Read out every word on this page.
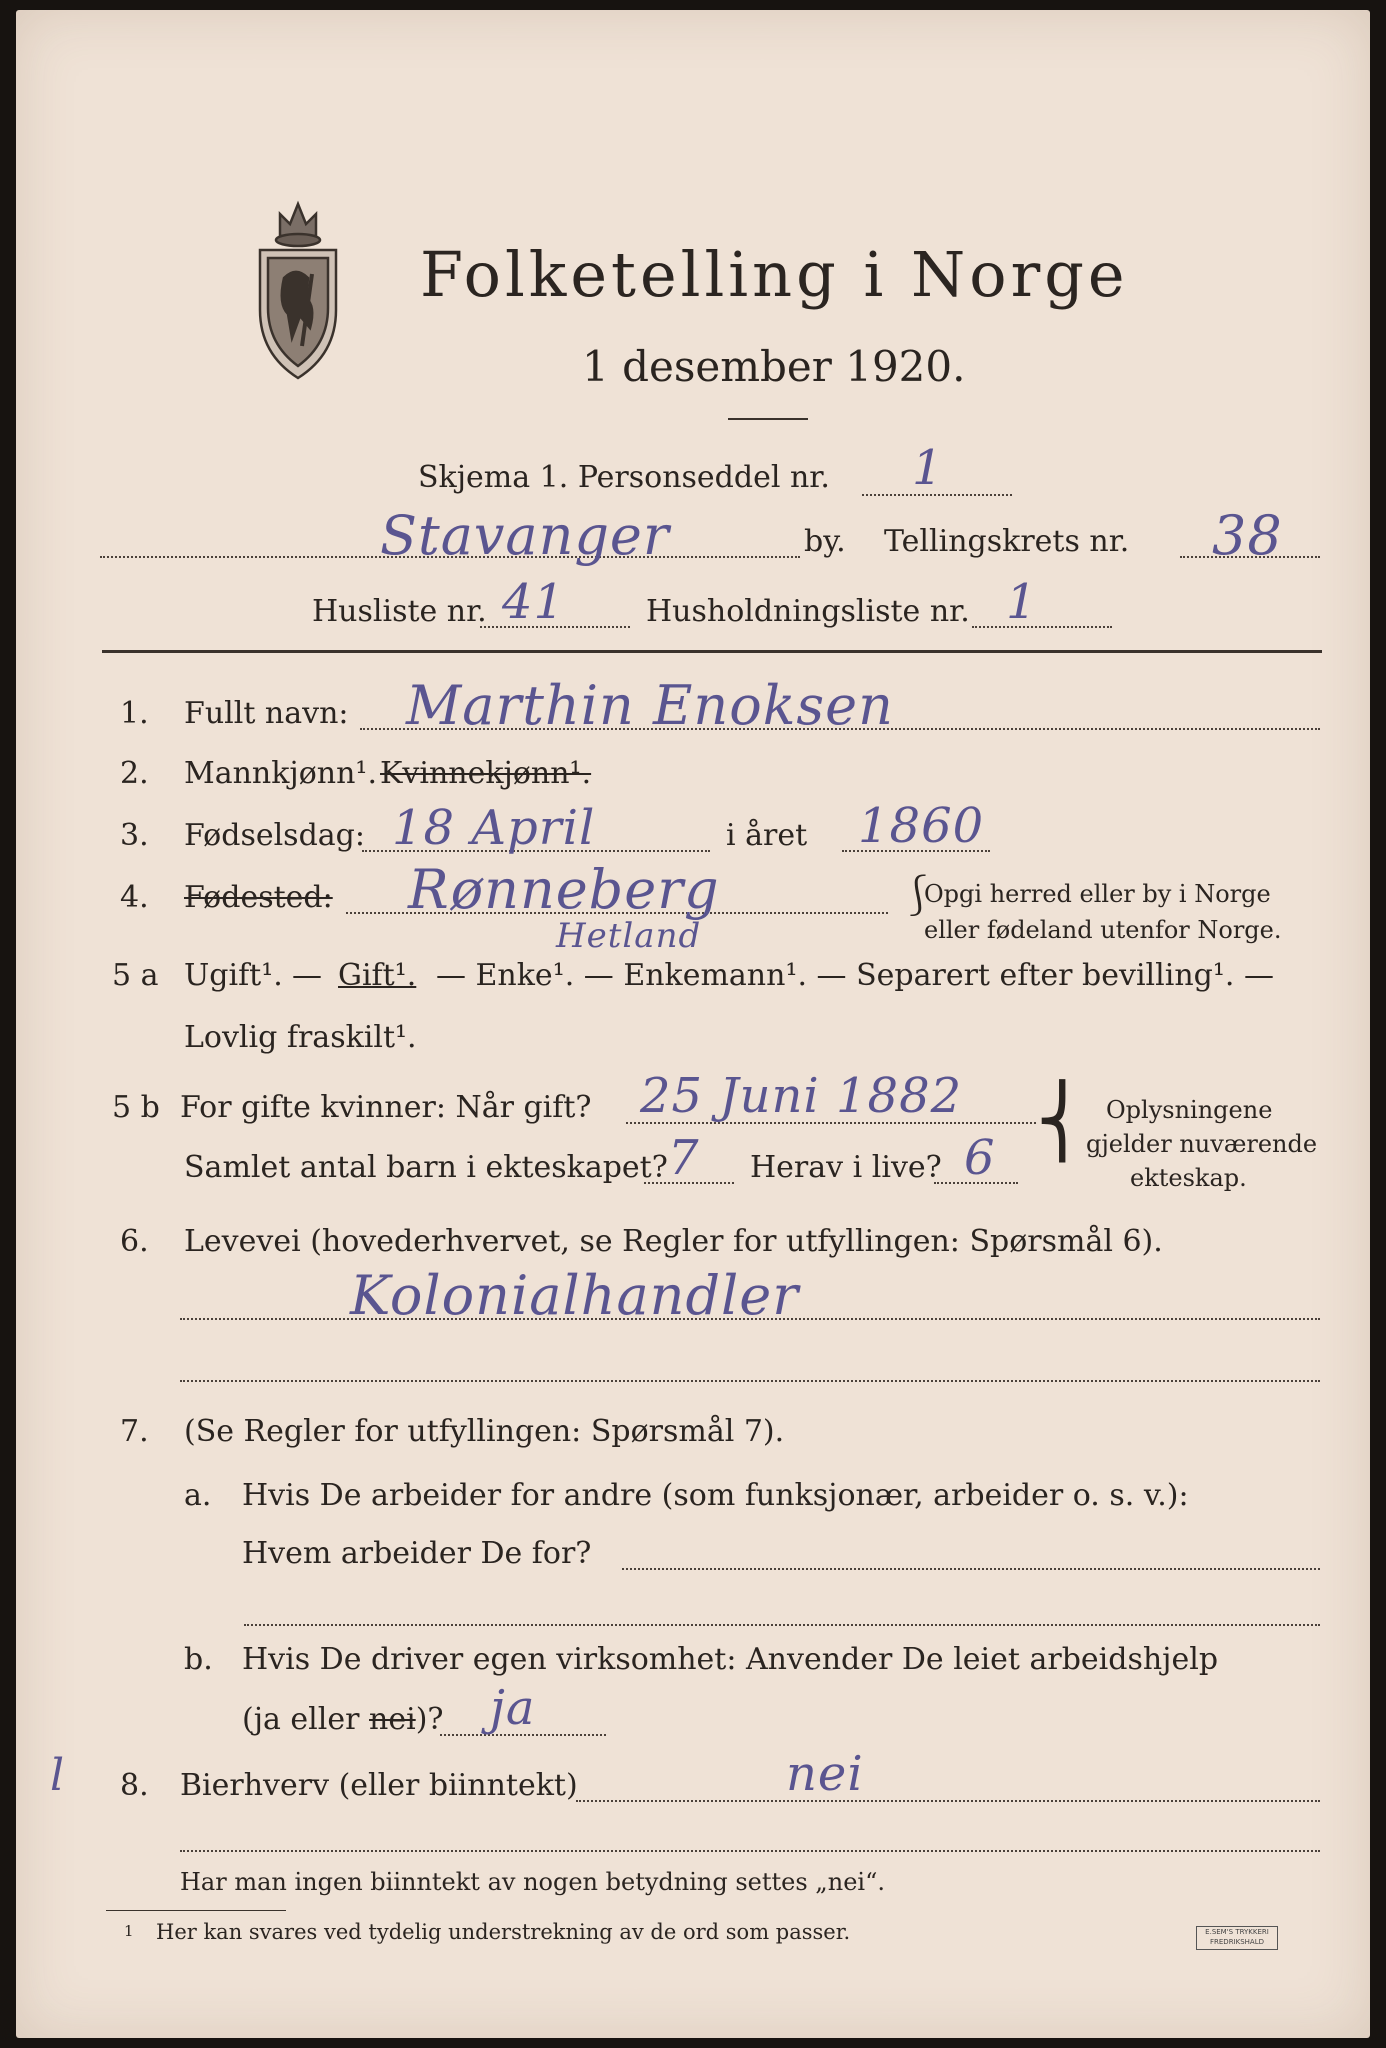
Folketelling i Norge
1 desember 1920.
Skjema 1. Personseddel nr. 1
Stavanger	by. Tellingskrets nr. 38
Husliste nr. 41	Husholdningsliste nr. 1
1. Fullt navn: Marthin Enoksen
2. Mannkjønn¹. Kvinnekjønn¹.
3. Fødselsdag: 18 April	i året 1860
4. Fødested: Rønneberg
Hetland
⎰
Opgi herred eller by i Norge
eller fødeland utenfor Norge.
5 a Ugift¹. — Gift¹. — Enke¹. — Enkemann¹. — Separert efter bevilling¹. —
Lovlig fraskilt¹.
5 b For gifte kvinner: Når gift? 25 Juni 1882
Samlet antal barn i ekteskapet? 7 Herav i live? 6 ⎨ Oplysningene
gjelder nuværende
ekteskap.
6. Levevei (hovederhvervet, se Regler for utfyllingen: Spørsmål 6).
Kolonialhandler
7. (Se Regler for utfyllingen: Spørsmål 7).
a. Hvis De arbeider for andre (som funksjonær, arbeider o. s. v.):
Hvem arbeider De for?
b. Hvis De driver egen virksomhet: Anvender De leiet arbeidshjelp
(ja eller nei)? ja
l 8. Bierhverv (eller biinntekt)	nei
Har man ingen biinntekt av nogen betydning settes „nei“.
1 Her kan svares ved tydelig understrekning av de ord som passer.	E.SEM'S TRYKKERI
FREDRIKSHALD
